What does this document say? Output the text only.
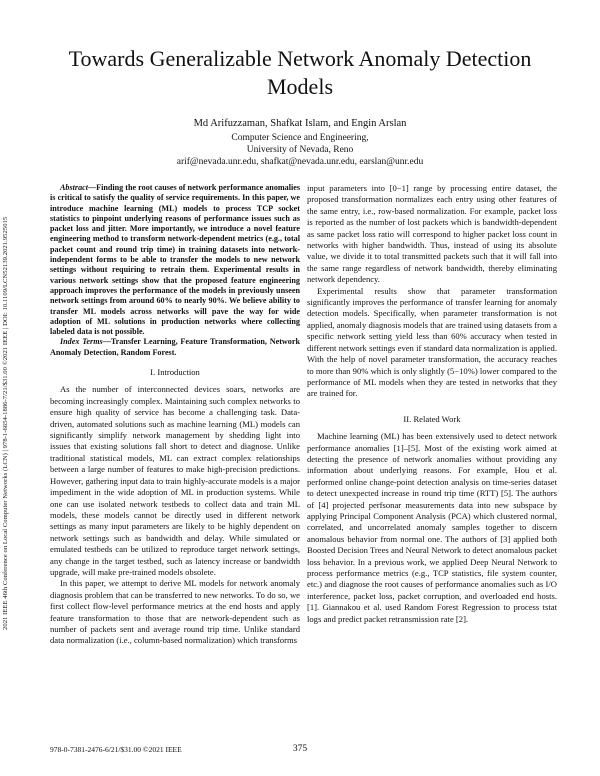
2021 IEEE 46th Conference on Local Computer Networks (LCN) | 978-1-6654-1886-7/21/$31.00 ©2021 IEEE | DOI: 10.1109/LCN52139.2021.9525015
Towards Generalizable Network Anomaly Detection Models
Md Arifuzzaman, Shafkat Islam, and Engin Arslan
Computer Science and Engineering,
University of Nevada, Reno
arif@nevada.unr.edu, shafkat@nevada.unr.edu, earslan@unr.edu

Abstract—Finding the root causes of network performance anomalies is critical to satisfy the quality of service requirements. In this paper, we introduce machine learning (ML) models to process TCP socket statistics to pinpoint underlying reasons of performance issues such as packet loss and jitter. More importantly, we introduce a novel feature engineering method to transform network-dependent metrics (e.g., total packet count and round trip time) in training datasets into network-independent forms to be able to transfer the models to new network settings without requiring to retrain them. Experimental results in various network settings show that the proposed feature engineering approach improves the performance of the models in previously unseen network settings from around 60% to nearly 90%. We believe ability to transfer ML models across networks will pave the way for wide adoption of ML solutions in production networks where collecting labeled data is not possible.

Index Terms—Transfer Learning, Feature Transformation, Network Anomaly Detection, Random Forest.

I. Introduction

As the number of interconnected devices soars, networks are becoming increasingly complex. Maintaining such complex networks to ensure high quality of service has become a challenging task. Data-driven, automated solutions such as machine learning (ML) models can significantly simplify network management by shedding light into issues that existing solutions fall short to detect and diagnose. Unlike traditional statistical models, ML can extract complex relationships between a large number of features to make high-precision predictions. However, gathering input data to train highly-accurate models is a major impediment in the wide adoption of ML in production systems. While one can use isolated network testbeds to collect data and train ML models, these models cannot be directly used in different network settings as many input parameters are likely to be highly dependent on network settings such as bandwidth and delay. While simulated or emulated testbeds can be utilized to reproduce target network settings, any change in the target testbed, such as latency increase or bandwidth upgrade, will make pre-trained models obsolete.

In this paper, we attempt to derive ML models for network anomaly diagnosis problem that can be transferred to new networks. To do so, we first collect flow-level performance metrics at the end hosts and apply feature transformation to those that are network-dependent such as number of packets sent and average round trip time. Unlike standard data normalization (i.e., column-based normalization) which transforms

input parameters into [0−1] range by processing entire dataset, the proposed transformation normalizes each entry using other features of the same entry, i.e., row-based normalization. For example, packet loss is reported as the number of lost packets which is bandwidth-dependent as same packet loss ratio will correspond to higher packet loss count in networks with higher bandwidth. Thus, instead of using its absolute value, we divide it to total transmitted packets such that it will fall into the same range regardless of network bandwidth, thereby eliminating network dependency.

Experimental results show that parameter transformation significantly improves the performance of transfer learning for anomaly detection models. Specifically, when parameter transformation is not applied, anomaly diagnosis models that are trained using datasets from a specific network setting yield less than 60% accuracy when tested in different network settings even if standard data normalization is applied. With the help of novel parameter transformation, the accuracy reaches to more than 90% which is only slightly (5−10%) lower compared to the performance of ML models when they are tested in networks that they are trained for.

II. Related Work

Machine learning (ML) has been extensively used to detect network performance anomalies [1]–[5]. Most of the existing work aimed at detecting the presence of network anomalies without providing any information about underlying reasons. For example, Hou et al. performed online change-point detection analysis on time-series dataset to detect unexpected increase in round trip time (RTT) [5]. The authors of [4] projected perfsonar measurements data into new subspace by applying Principal Component Analysis (PCA) which clustered normal, correlated, and uncorrelated anomaly samples together to discern anomalous behavior from normal one. The authors of [3] applied both Boosted Decision Trees and Neural Network to detect anomalous packet loss behavior. In a previous work, we applied Deep Neural Network to process performance metrics (e.g., TCP statistics, file system counter, etc.) and diagnose the root causes of performance anomalies such as I/O interference, packet loss, packet corruption, and overloaded end hosts. [1]. Giannakou et al. used Random Forest Regression to process tstat logs and predict packet retransmission rate [2].

978-0-7381-2476-6/21/$31.00 ©2021 IEEE	375
